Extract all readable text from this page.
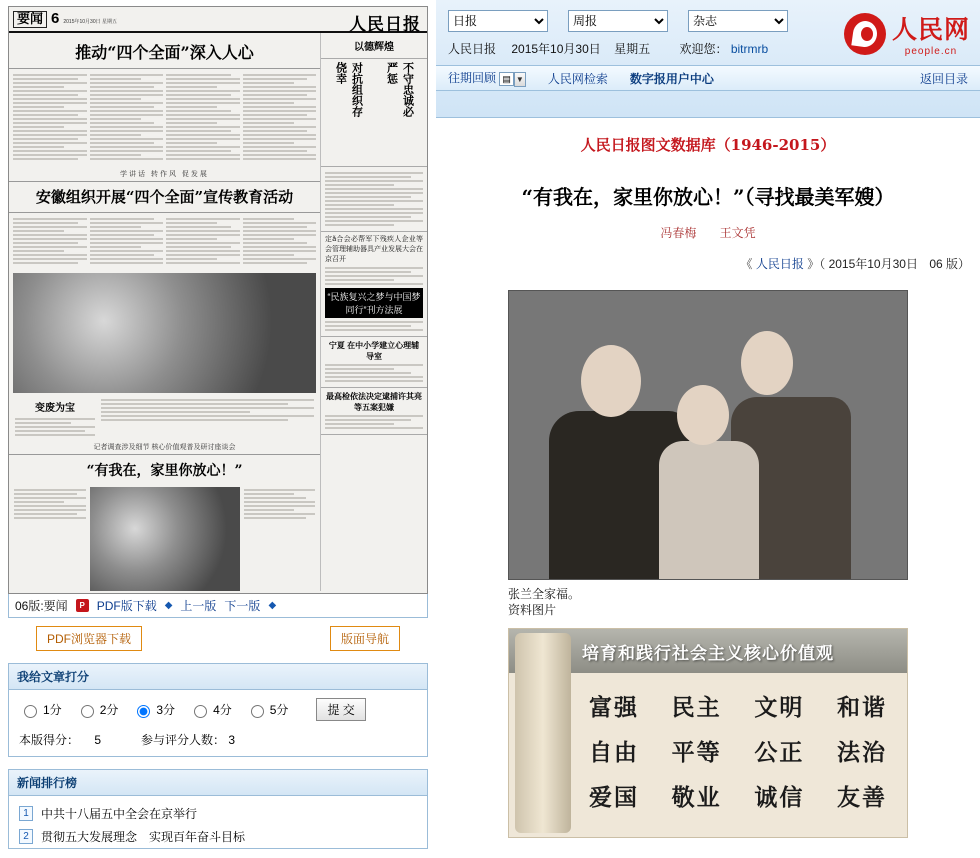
要闻 6 2015年10月30日 星期五	人民日报
推动“四个全面”深入人心
学讲话 转作风 促发展
安徽组织开展“四个全面”宣传教育活动
变废为宝
记者调查涉及细节 核心价值观普及研讨座谈会
“有我在，家里你放心！”
以德辉煌
对抗组织存侥幸	不守忠诚必严惩
定ă合会必帮军下残疾人企业等会管理辅助器具产业发展大会在京召开
“民族复兴之梦与中国梦同行”刊方法展
宁夏 在中小学建立心理辅导室
最高检依法决定逮捕许其亮等五案犯嫌
06版:要闻	P PDF版下载 ◆ 上一版 下一版 ◆
PDF浏览器下载	版面导航
我给文章打分
1分	2分	3分	4分	5分	提 交
本版得分： 5	参与评分人数： 3
新闻排行榜
1	中共十八届五中全会在京举行
2	贯彻五大发展理念　实现百年奋斗目标
日报
周报
杂志
人民日报 2015年10月30日 星期五 欢迎您： bitrmrb
往期回顾 ▤ ▼ 人民网检索 数字报用户中心	返回目录
人民网
people.cn
人民日报图文数据库（1946-2015）
“有我在，家里你放心！”（寻找最美军嫂）
冯春梅 王文凭
《 人民日报 》（ 2015年10月30日 06 版）
张兰全家福。
资料图片
培育和践行社会主义核心价值观
富强 民主 文明 和谐
自由 平等 公正 法治
爱国 敬业 诚信 友善
